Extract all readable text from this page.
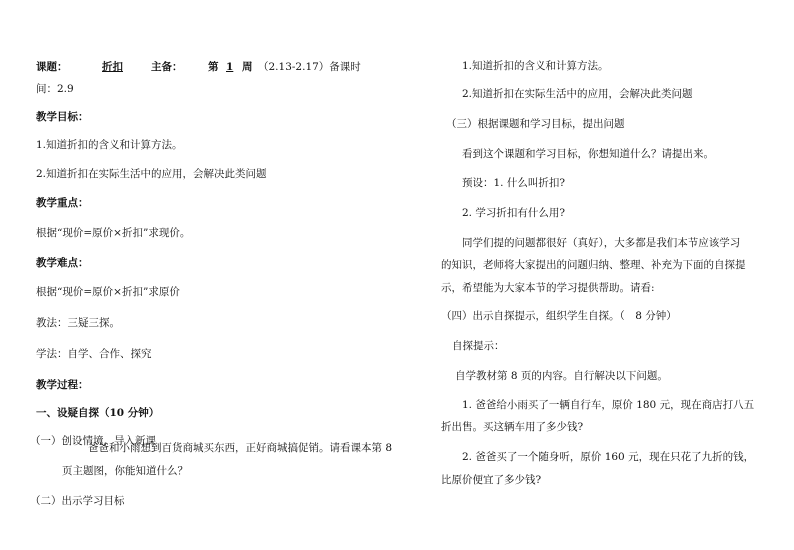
课题：	折扣	主备： 第 1 周 （2.13-2.17）备课时
间：2.9
教学目标：
1.知道折扣的含义和计算方法。
2.知道折扣在实际生活中的应用，会解决此类问题
教学重点：
根据“现价=原价×折扣”求现价。
教学难点：
根据“现价=原价×折扣”求原价
教法：三疑三探。
学法：自学、合作、探究
教学过程：
一、设疑自探（10 分钟）
（一）创设情境，导入新课
爸爸和小雨想到百货商城买东西，正好商城搞促销。请看课本第 8
页主题图，你能知道什么？
（二）出示学习目标
1.知道折扣的含义和计算方法。
2.知道折扣在实际生活中的应用，会解决此类问题
（三）根据课题和学习目标，提出问题
看到这个课题和学习目标，你想知道什么？请提出来。
预设：1. 什么叫折扣?
2. 学习折扣有什么用?
同学们提的问题都很好（真好），大多都是我们本节应该学习
的知识，老师将大家提出的问题归纳、整理、补充为下面的自探提
示，希望能为大家本节的学习提供帮助。请看:
（四）出示自探提示，组织学生自探。（　8 分钟）
自探提示：
自学教材第 8 页的内容。自行解决以下问题。
1. 爸爸给小雨买了一辆自行车，原价 180 元，现在商店打八五
折出售。买这辆车用了多少钱?
2. 爸爸买了一个随身听，原价 160 元，现在只花了九折的钱，
比原价便宜了多少钱?
